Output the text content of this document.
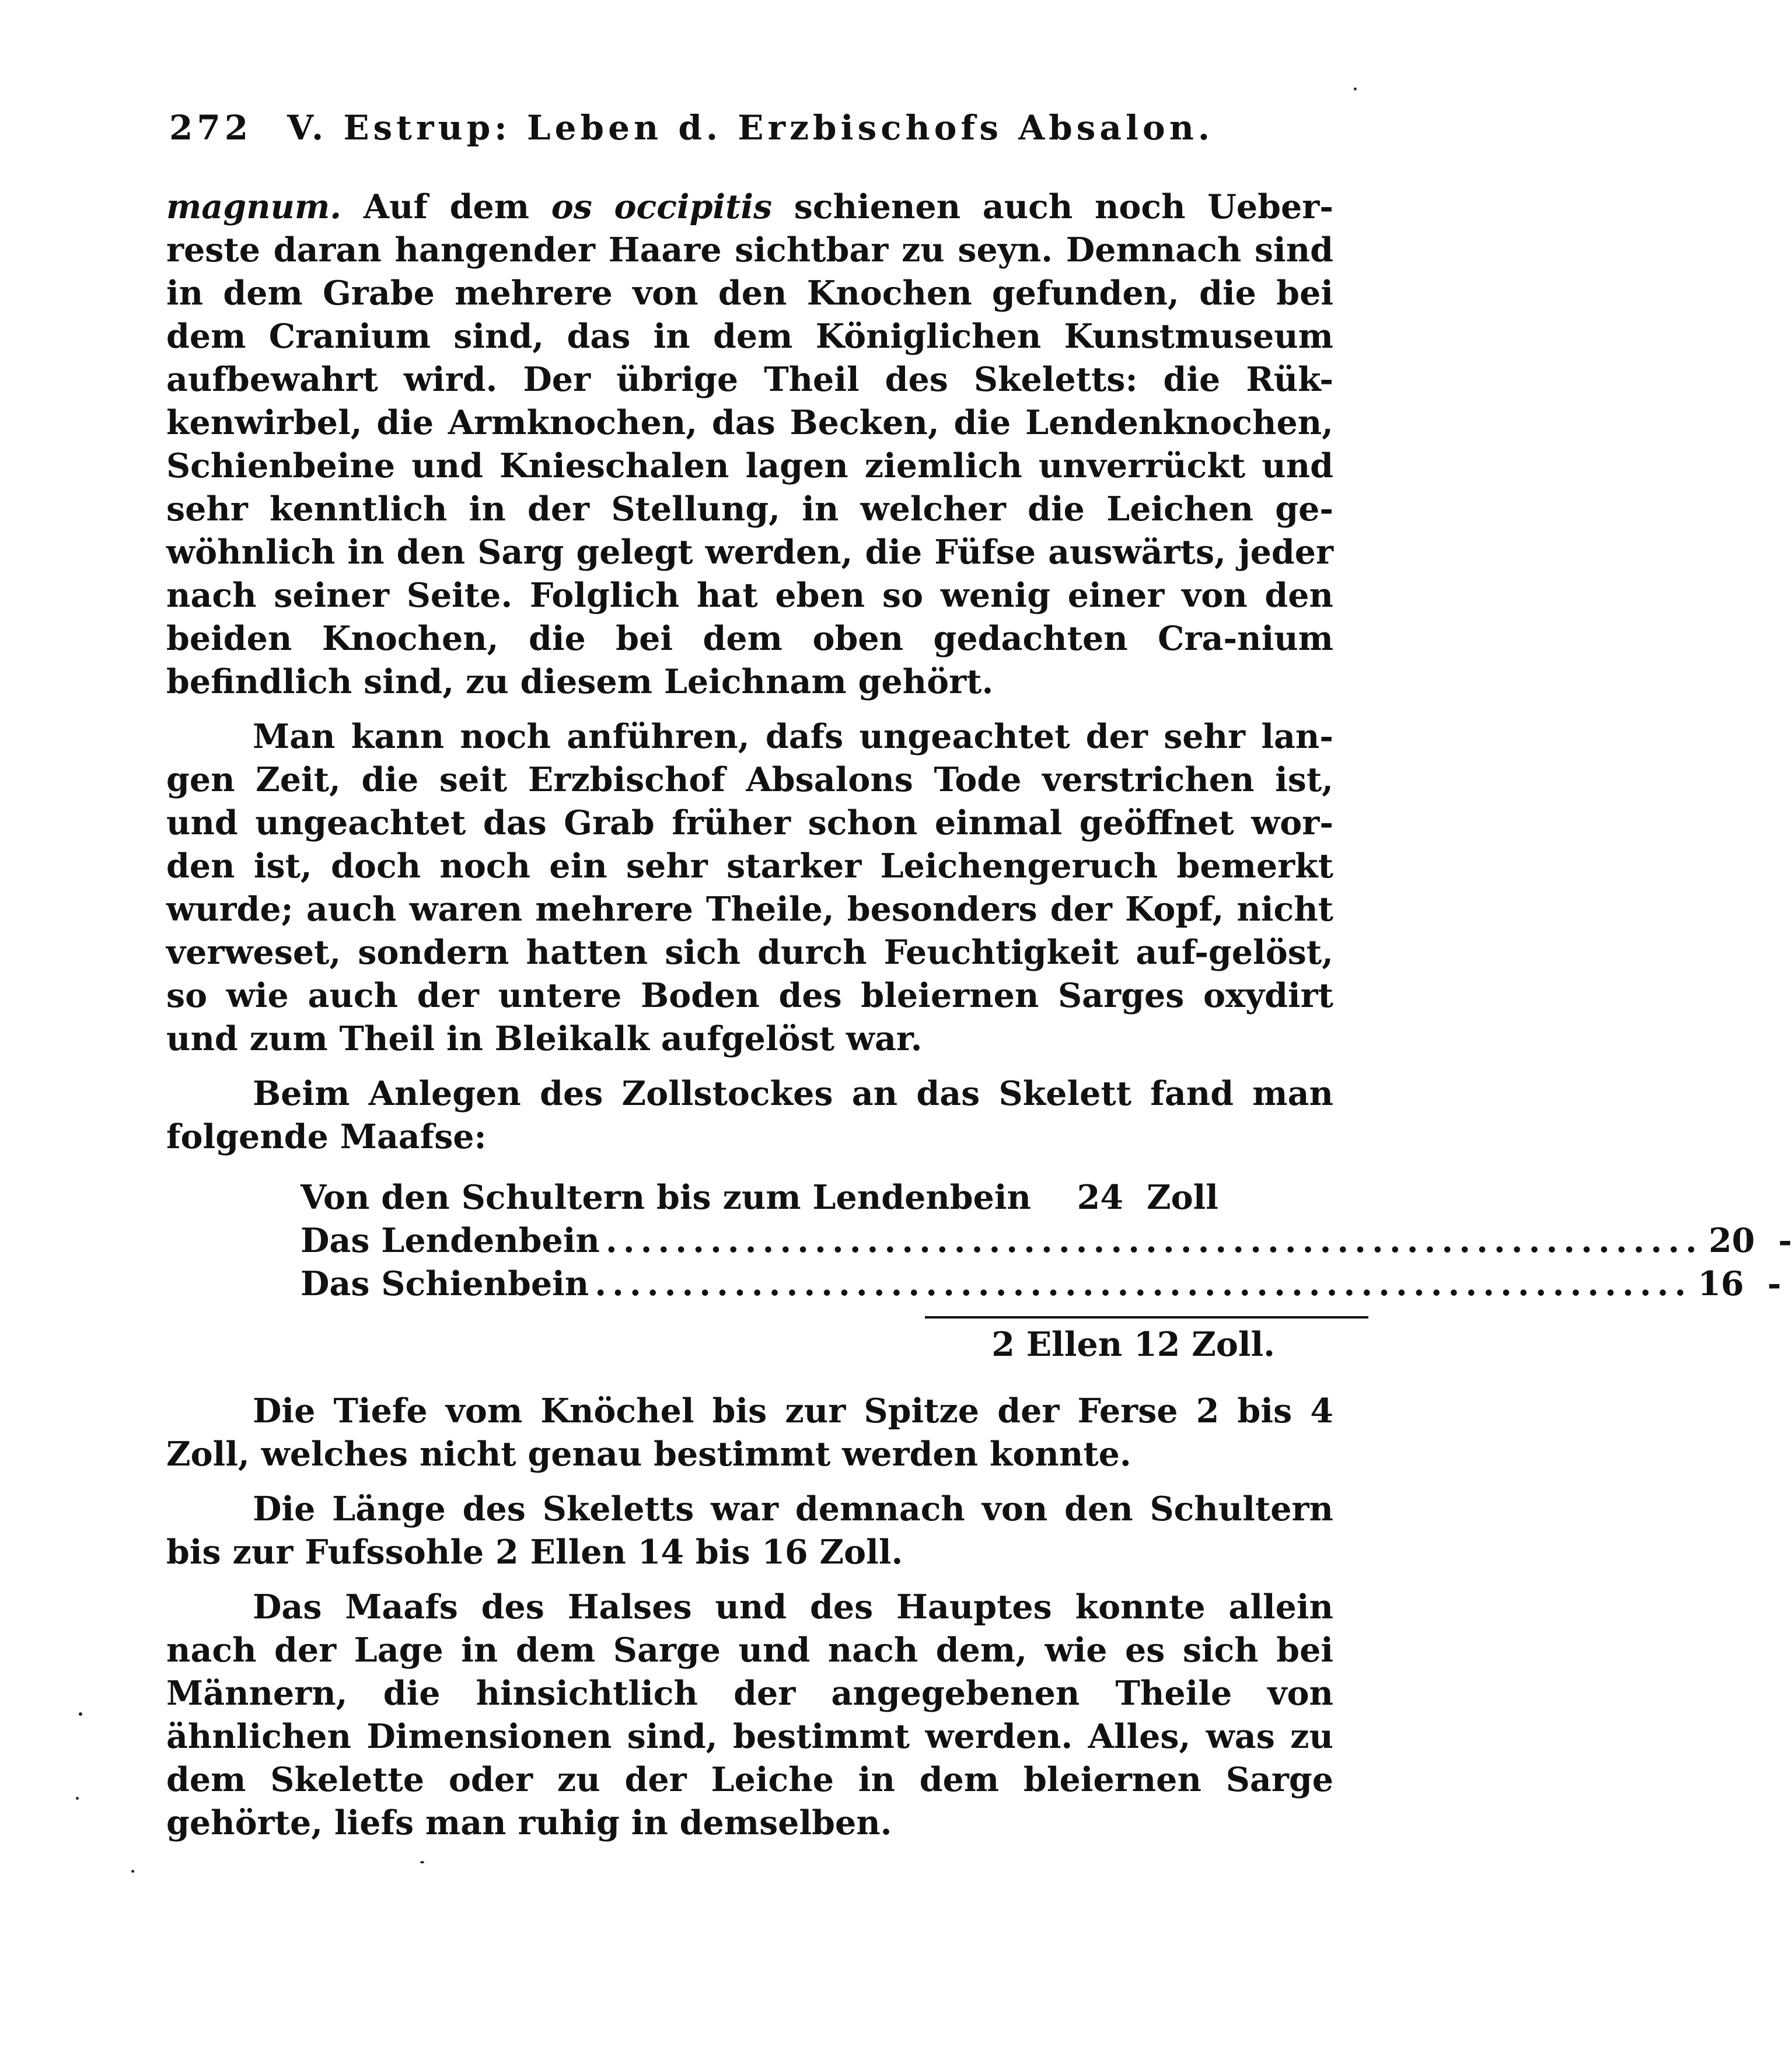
272 V. Estrup: Leben d. Erzbischofs Absalon.

magnum. Auf dem os occipitis schienen auch noch Ueber-reste daran hangender Haare sichtbar zu seyn. Demnach sind in dem Grabe mehrere von den Knochen gefunden, die bei dem Cranium sind, das in dem Königlichen Kunstmuseum aufbewahrt wird. Der übrige Theil des Skeletts: die Rük-kenwirbel, die Armknochen, das Becken, die Lendenknochen, Schienbeine und Knieschalen lagen ziemlich unverrückt und sehr kenntlich in der Stellung, in welcher die Leichen ge-wöhnlich in den Sarg gelegt werden, die Füfse auswärts, jeder nach seiner Seite. Folglich hat eben so wenig einer von den beiden Knochen, die bei dem oben gedachten Cra-nium befindlich sind, zu diesem Leichnam gehört.

Man kann noch anführen, dafs ungeachtet der sehr lan-gen Zeit, die seit Erzbischof Absalons Tode verstrichen ist, und ungeachtet das Grab früher schon einmal geöffnet wor-den ist, doch noch ein sehr starker Leichengeruch bemerkt wurde; auch waren mehrere Theile, besonders der Kopf, nicht verweset, sondern hatten sich durch Feuchtigkeit auf-gelöst, so wie auch der untere Boden des bleiernen Sarges oxydirt und zum Theil in Bleikalk aufgelöst war.

Beim Anlegen des Zollstockes an das Skelett fand man folgende Maafse:

Von den Schultern bis zum Lendenbein	24 Zoll
Das Lendenbein ............................................................... 20 -
Das Schienbein ............................................................... 16 -
2 Ellen 12 Zoll.

Die Tiefe vom Knöchel bis zur Spitze der Ferse 2 bis 4 Zoll, welches nicht genau bestimmt werden konnte.

Die Länge des Skeletts war demnach von den Schultern bis zur Fufssohle 2 Ellen 14 bis 16 Zoll.

Das Maafs des Halses und des Hauptes konnte allein nach der Lage in dem Sarge und nach dem, wie es sich bei Männern, die hinsichtlich der angegebenen Theile von ähnlichen Dimensionen sind, bestimmt werden. Alles, was zu dem Skelette oder zu der Leiche in dem bleiernen Sarge gehörte, liefs man ruhig in demselben.
